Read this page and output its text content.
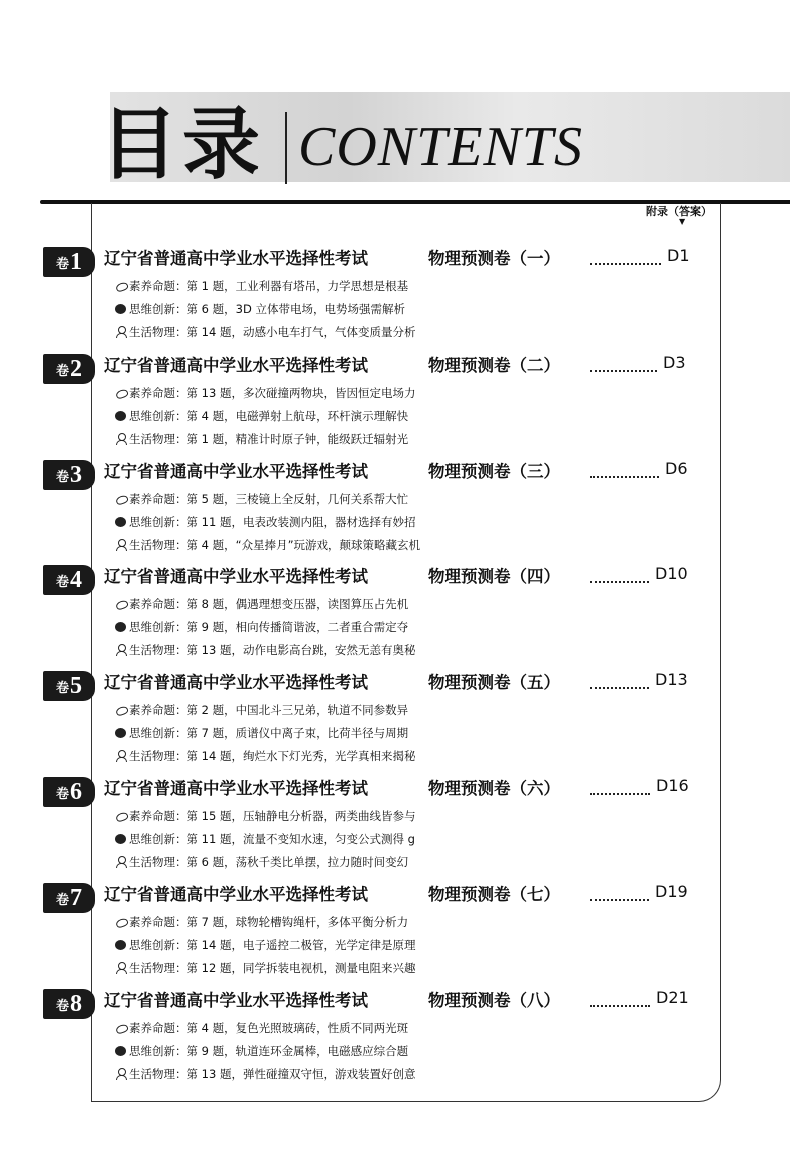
目录 CONTENTS
附录（答案）
▼
卷 1 辽宁省普通高中学业水平选择性考试	物理预测卷（一）	D1
素养命题： 第 1 题，工业利器有塔吊，力学思想是根基
思维创新： 第 6 题，3D 立体带电场，电势场强需解析
生活物理： 第 14 题，动感小电车打气，气体变质量分析
卷 2 辽宁省普通高中学业水平选择性考试	物理预测卷（二）	D3
素养命题： 第 13 题，多次碰撞两物块，皆因恒定电场力
思维创新： 第 4 题，电磁弹射上航母，环杆演示理解快
生活物理： 第 1 题，精准计时原子钟，能级跃迁辐射光
卷 3 辽宁省普通高中学业水平选择性考试	物理预测卷（三）	D6
素养命题： 第 5 题，三棱镜上全反射，几何关系帮大忙
思维创新： 第 11 题，电表改装测内阻，器材选择有妙招
生活物理： 第 4 题，“众星捧月”玩游戏，颠球策略藏玄机
卷 4 辽宁省普通高中学业水平选择性考试	物理预测卷（四）	D10
素养命题： 第 8 题，偶遇理想变压器，读图算压占先机
思维创新： 第 9 题，相向传播简谐波，二者重合需定夺
生活物理： 第 13 题，动作电影高台跳，安然无恙有奥秘
卷 5 辽宁省普通高中学业水平选择性考试	物理预测卷（五）	D13
素养命题： 第 2 题，中国北斗三兄弟，轨道不同参数异
思维创新： 第 7 题，质谱仪中离子束，比荷半径与周期
生活物理： 第 14 题，绚烂水下灯光秀，光学真相来揭秘
卷 6 辽宁省普通高中学业水平选择性考试	物理预测卷（六）	D16
素养命题： 第 15 题，压轴静电分析器，两类曲线皆参与
思维创新： 第 11 题，流量不变知水速，匀变公式测得 g
生活物理： 第 6 题，荡秋千类比单摆，拉力随时间变幻
卷 7 辽宁省普通高中学业水平选择性考试	物理预测卷（七）	D19
素养命题： 第 7 题，球物轮槽钩绳杆，多体平衡分析力
思维创新： 第 14 题，电子遥控二极管，光学定律是原理
生活物理： 第 12 题，同学拆装电视机，测量电阻来兴趣
卷 8 辽宁省普通高中学业水平选择性考试	物理预测卷（八）	D21
素养命题： 第 4 题，复色光照玻璃砖，性质不同两光斑
思维创新： 第 9 题，轨道连环金属棒，电磁感应综合题
生活物理： 第 13 题，弹性碰撞双守恒，游戏装置好创意
